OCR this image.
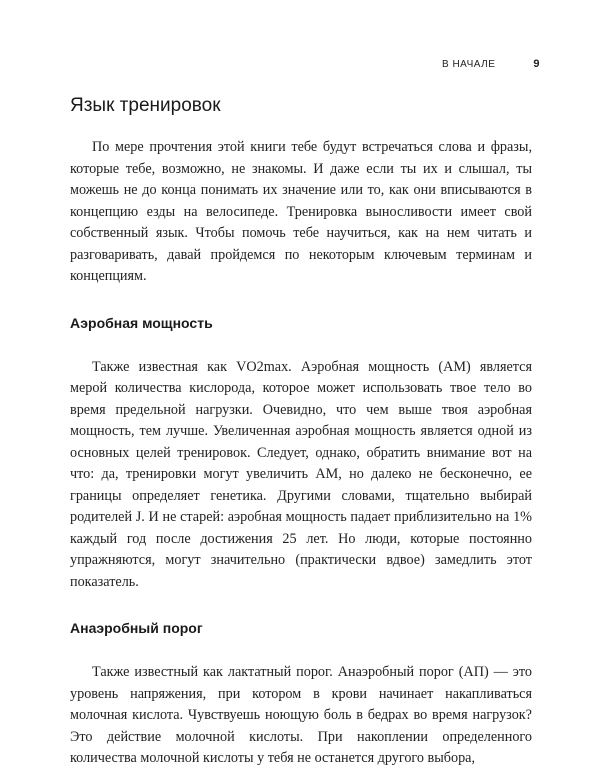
В НАЧАЛЕ	9
Язык тренировок

По мере прочтения этой книги тебе будут встречаться слова и фразы, которые тебе, возможно, не знакомы. И даже если ты их и слышал, ты можешь не до конца понимать их значение или то, как они вписываются в концепцию езды на велосипеде. Тренировка выносливости имеет свой собственный язык. Чтобы помочь тебе научиться, как на нем читать и разговаривать, давай пройдемся по некоторым ключевым терминам и концепциям.

Аэробная мощность

Также известная как VO2max. Аэробная мощность (АМ) является мерой количества кислорода, которое может использовать твое тело во время предельной нагрузки. Очевидно, что чем выше твоя аэробная мощность, тем лучше. Увеличенная аэробная мощность является одной из основных целей тренировок. Следует, однако, обратить внимание вот на что: да, тренировки могут увеличить АМ, но далеко не бесконечно, ее границы определяет генетика. Другими словами, тщательно выбирай родителей J. И не старей: аэробная мощность падает приблизительно на 1% каждый год после достижения 25 лет. Но люди, которые постоянно упражняются, могут значительно (практически вдвое) замедлить этот показатель.

Анаэробный порог

Также известный как лактатный порог. Анаэробный порог (АП) — это уровень напряжения, при котором в крови начинает накапливаться молочная кислота. Чувствуешь ноющую боль в бедрах во время нагрузок? Это действие молочной кислоты. При накоплении определенного количества молочной кислоты у тебя не останется другого выбора,
